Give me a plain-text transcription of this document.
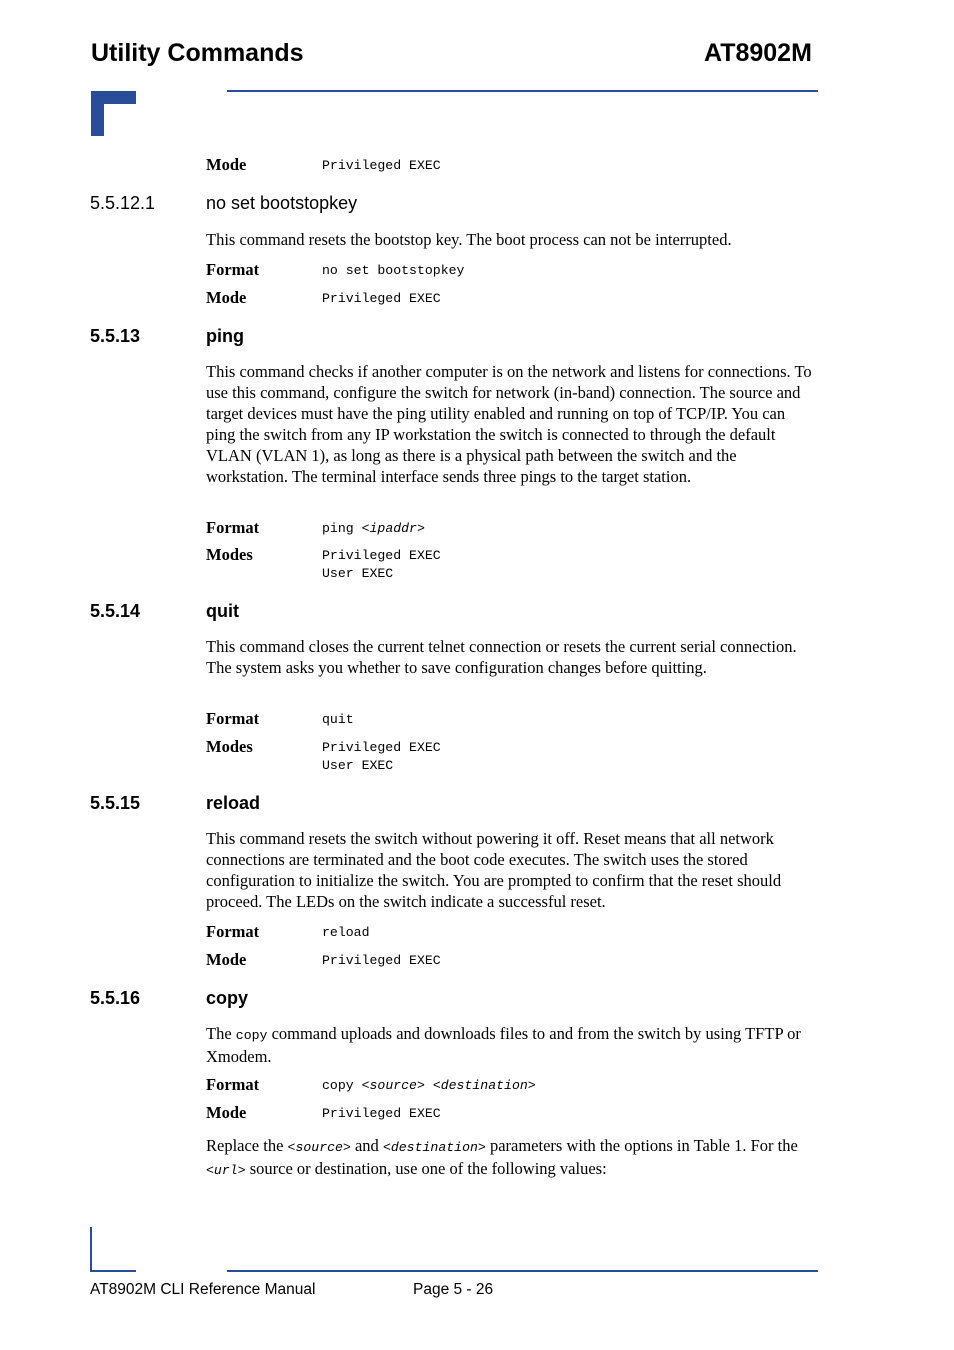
Utility Commands	AT8902M
Mode	Privileged EXEC
5.5.12.1	no set bootstopkey
This command resets the bootstop key. The boot process can not be interrupted.
Format	no set bootstopkey
Mode	Privileged EXEC
5.5.13	ping
This command checks if another computer is on the network and listens for connections. To use this command, configure the switch for network (in-band) connection. The source and target devices must have the ping utility enabled and running on top of TCP/IP. You can ping the switch from any IP workstation the switch is connected to through the default VLAN (VLAN 1), as long as there is a physical path between the switch and the workstation. The terminal interface sends three pings to the target station.
Format	ping <ipaddr>
Modes	Privileged EXEC
User EXEC
5.5.14	quit
This command closes the current telnet connection or resets the current serial connection. The system asks you whether to save configuration changes before quitting.
Format	quit
Modes	Privileged EXEC
User EXEC
5.5.15	reload
This command resets the switch without powering it off. Reset means that all network connections are terminated and the boot code executes. The switch uses the stored configuration to initialize the switch. You are prompted to confirm that the reset should proceed. The LEDs on the switch indicate a successful reset.
Format	reload
Mode	Privileged EXEC
5.5.16	copy
The copy command uploads and downloads files to and from the switch by using TFTP or Xmodem.
Format	copy <source> <destination>
Mode	Privileged EXEC
Replace the <source> and <destination> parameters with the options in Table 1. For the <url> source or destination, use one of the following values:
AT8902M CLI Reference Manual	Page 5 - 26
